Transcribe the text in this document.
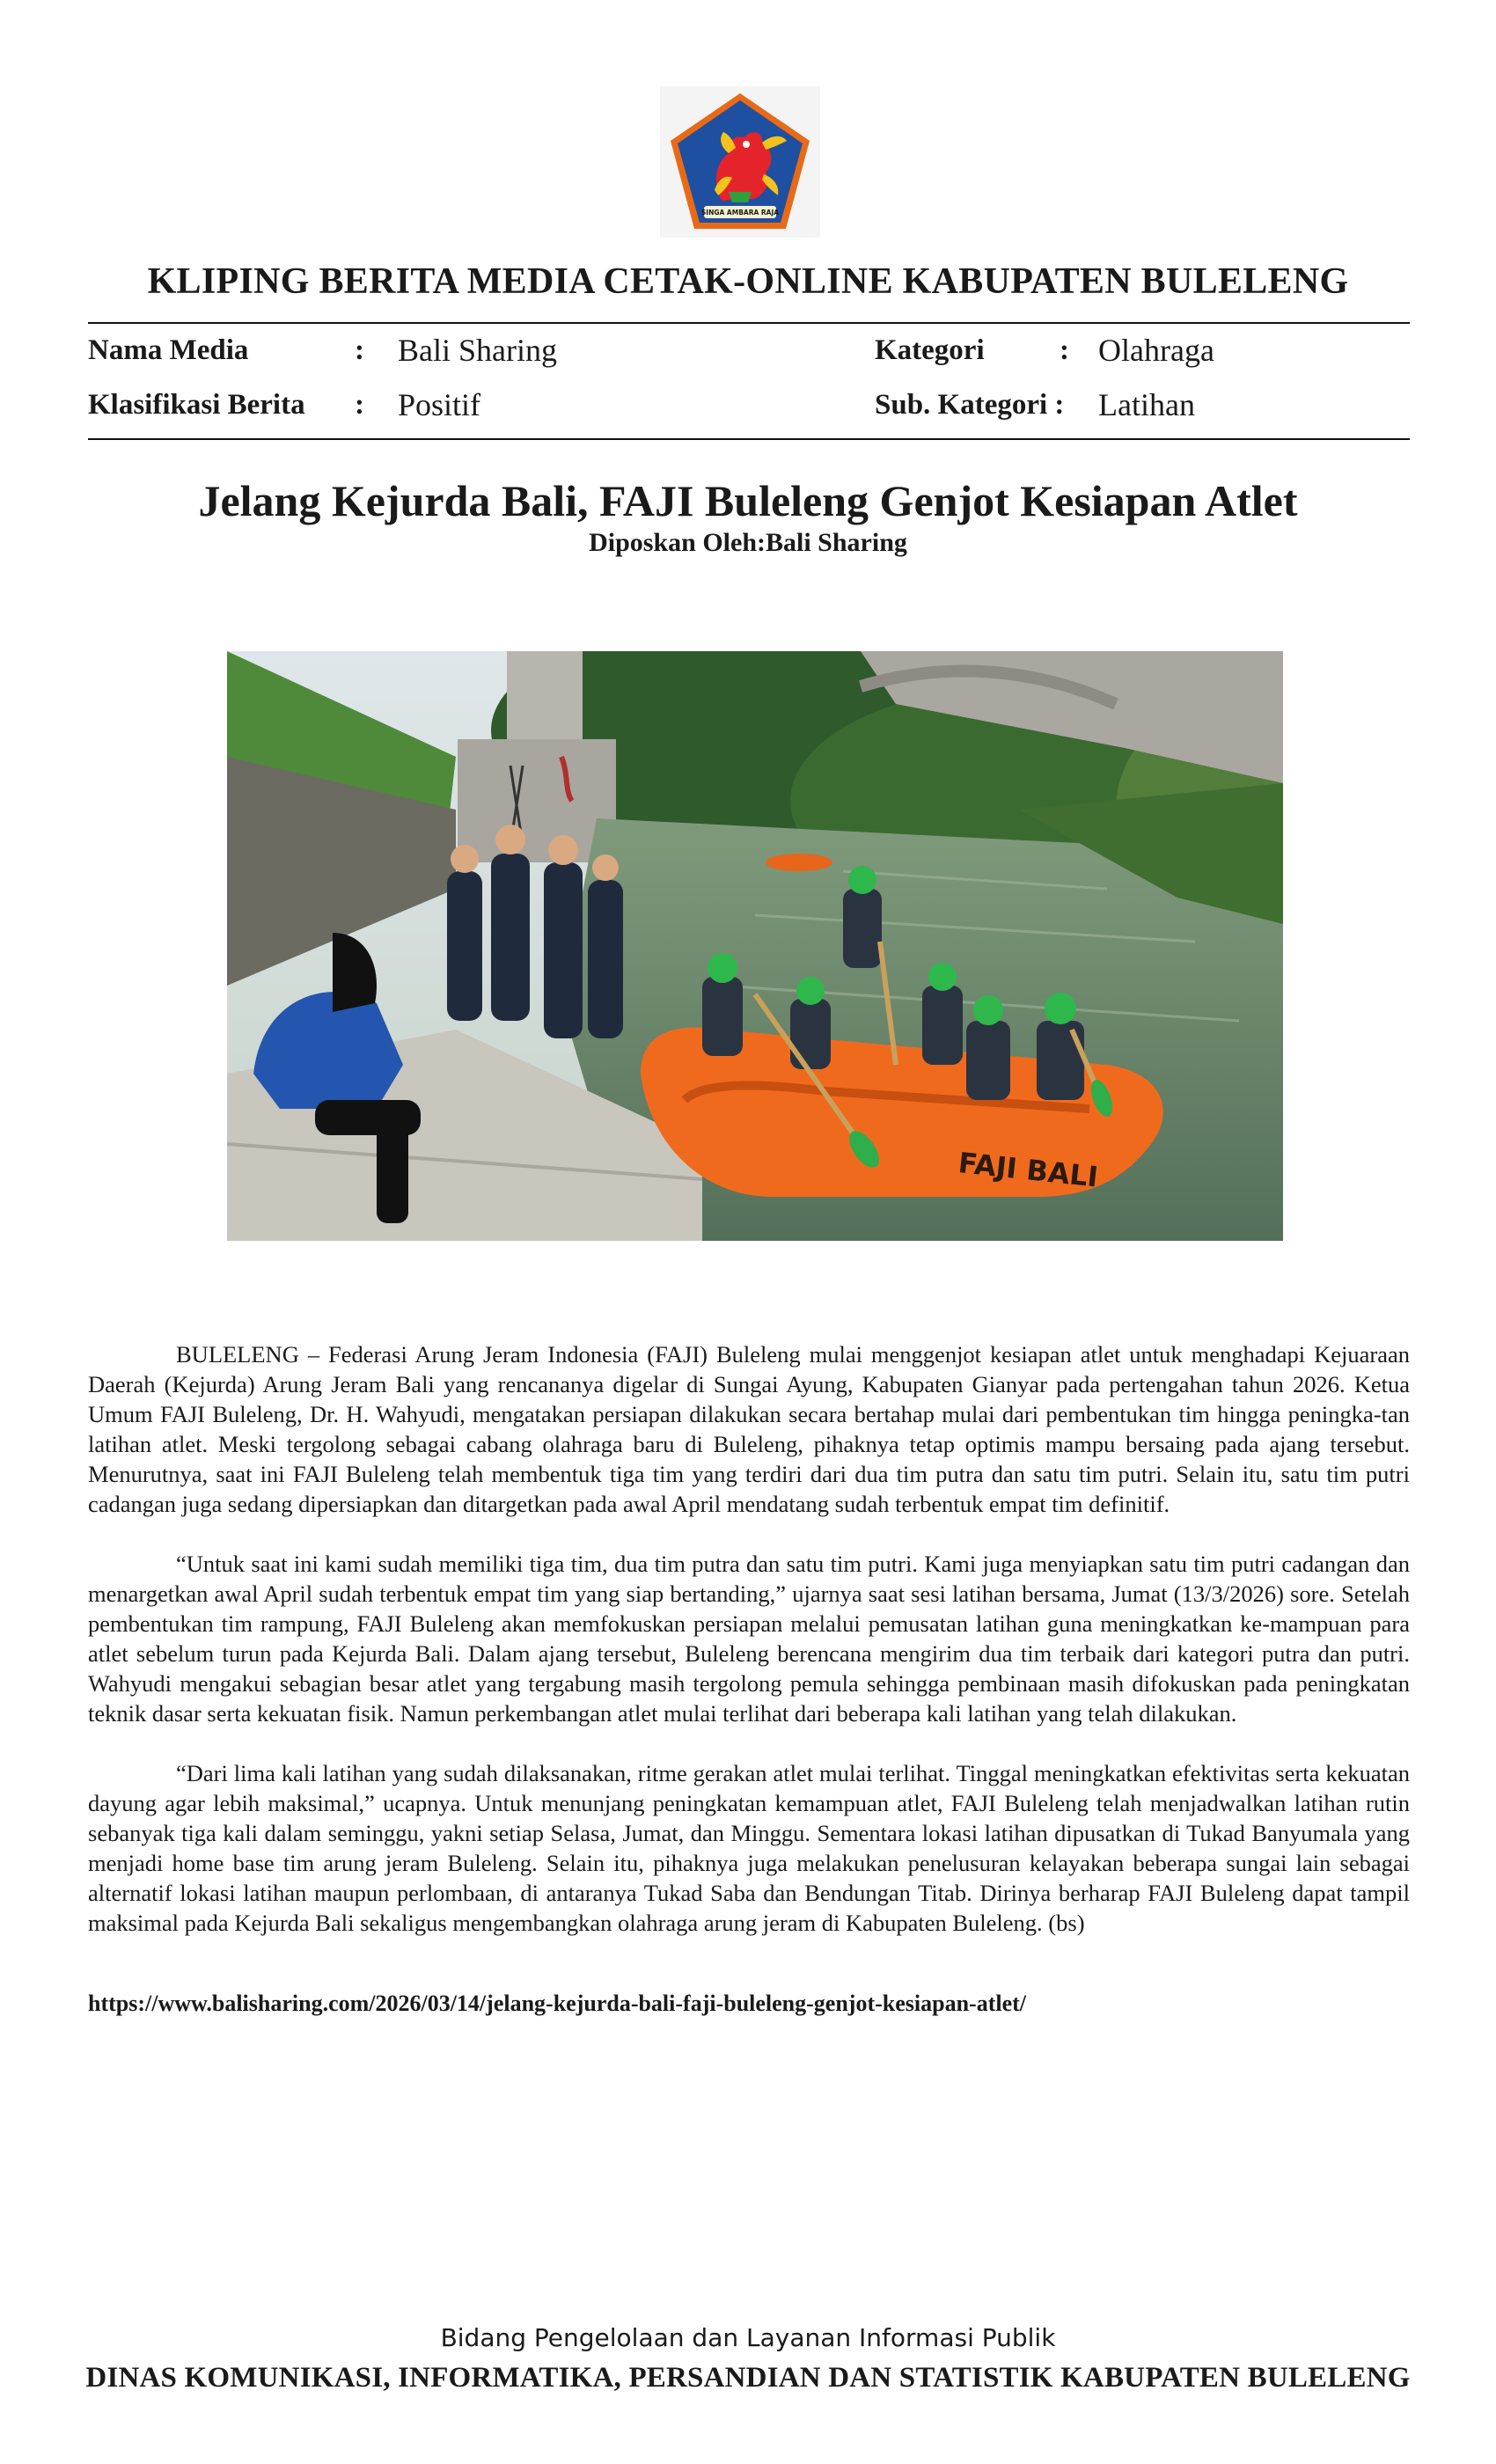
SINGA AMBARA RAJA
KLIPING BERITA MEDIA CETAK-ONLINE KABUPATEN BULELENG
Nama Media	: Bali Sharing	Kategori	: Olahraga
Klasifikasi Berita : Positif	Sub. Kategori : Latihan
Jelang Kejurda Bali, FAJI Buleleng Genjot Kesiapan Atlet
Diposkan Oleh:Bali Sharing
FAJI BALI

BULELENG – Federasi Arung Jeram Indonesia (FAJI) Buleleng mulai menggenjot kesiapan atlet untuk menghadapi Kejuaraan Daerah (Kejurda) Arung Jeram Bali yang rencananya digelar di Sungai Ayung, Kabupaten Gianyar pada pertengahan tahun 2026. Ketua Umum FAJI Buleleng, Dr. H. Wahyudi, mengatakan persiapan dilakukan secara bertahap mulai dari pembentukan tim hingga peningka-tan latihan atlet. Meski tergolong sebagai cabang olahraga baru di Buleleng, pihaknya tetap optimis mampu bersaing pada ajang tersebut. Menurutnya, saat ini FAJI Buleleng telah membentuk tiga tim yang terdiri dari dua tim putra dan satu tim putri. Selain itu, satu tim putri cadangan juga sedang dipersiapkan dan ditargetkan pada awal April mendatang sudah terbentuk empat tim definitif.

“Untuk saat ini kami sudah memiliki tiga tim, dua tim putra dan satu tim putri. Kami juga menyiapkan satu tim putri cadangan dan menargetkan awal April sudah terbentuk empat tim yang siap bertanding,” ujarnya saat sesi latihan bersama, Jumat (13/3/2026) sore. Setelah pembentukan tim rampung, FAJI Buleleng akan memfokuskan persiapan melalui pemusatan latihan guna meningkatkan ke-mampuan para atlet sebelum turun pada Kejurda Bali. Dalam ajang tersebut, Buleleng berencana mengirim dua tim terbaik dari kategori putra dan putri. Wahyudi mengakui sebagian besar atlet yang tergabung masih tergolong pemula sehingga pembinaan masih difokuskan pada peningkatan teknik dasar serta kekuatan fisik. Namun perkembangan atlet mulai terlihat dari beberapa kali latihan yang telah dilakukan.

“Dari lima kali latihan yang sudah dilaksanakan, ritme gerakan atlet mulai terlihat. Tinggal meningkatkan efektivitas serta kekuatan dayung agar lebih maksimal,” ucapnya. Untuk menunjang peningkatan kemampuan atlet, FAJI Buleleng telah menjadwalkan latihan rutin sebanyak tiga kali dalam seminggu, yakni setiap Selasa, Jumat, dan Minggu. Sementara lokasi latihan dipusatkan di Tukad Banyumala yang menjadi home base tim arung jeram Buleleng. Selain itu, pihaknya juga melakukan penelusuran kelayakan beberapa sungai lain sebagai alternatif lokasi latihan maupun perlombaan, di antaranya Tukad Saba dan Bendungan Titab. Dirinya berharap FAJI Buleleng dapat tampil maksimal pada Kejurda Bali sekaligus mengembangkan olahraga arung jeram di Kabupaten Buleleng. (bs)

https://www.balisharing.com/2026/03/14/jelang-kejurda-bali-faji-buleleng-genjot-kesiapan-atlet/
Bidang Pengelolaan dan Layanan Informasi Publik
DINAS KOMUNIKASI, INFORMATIKA, PERSANDIAN DAN STATISTIK KABUPATEN BULELENG
